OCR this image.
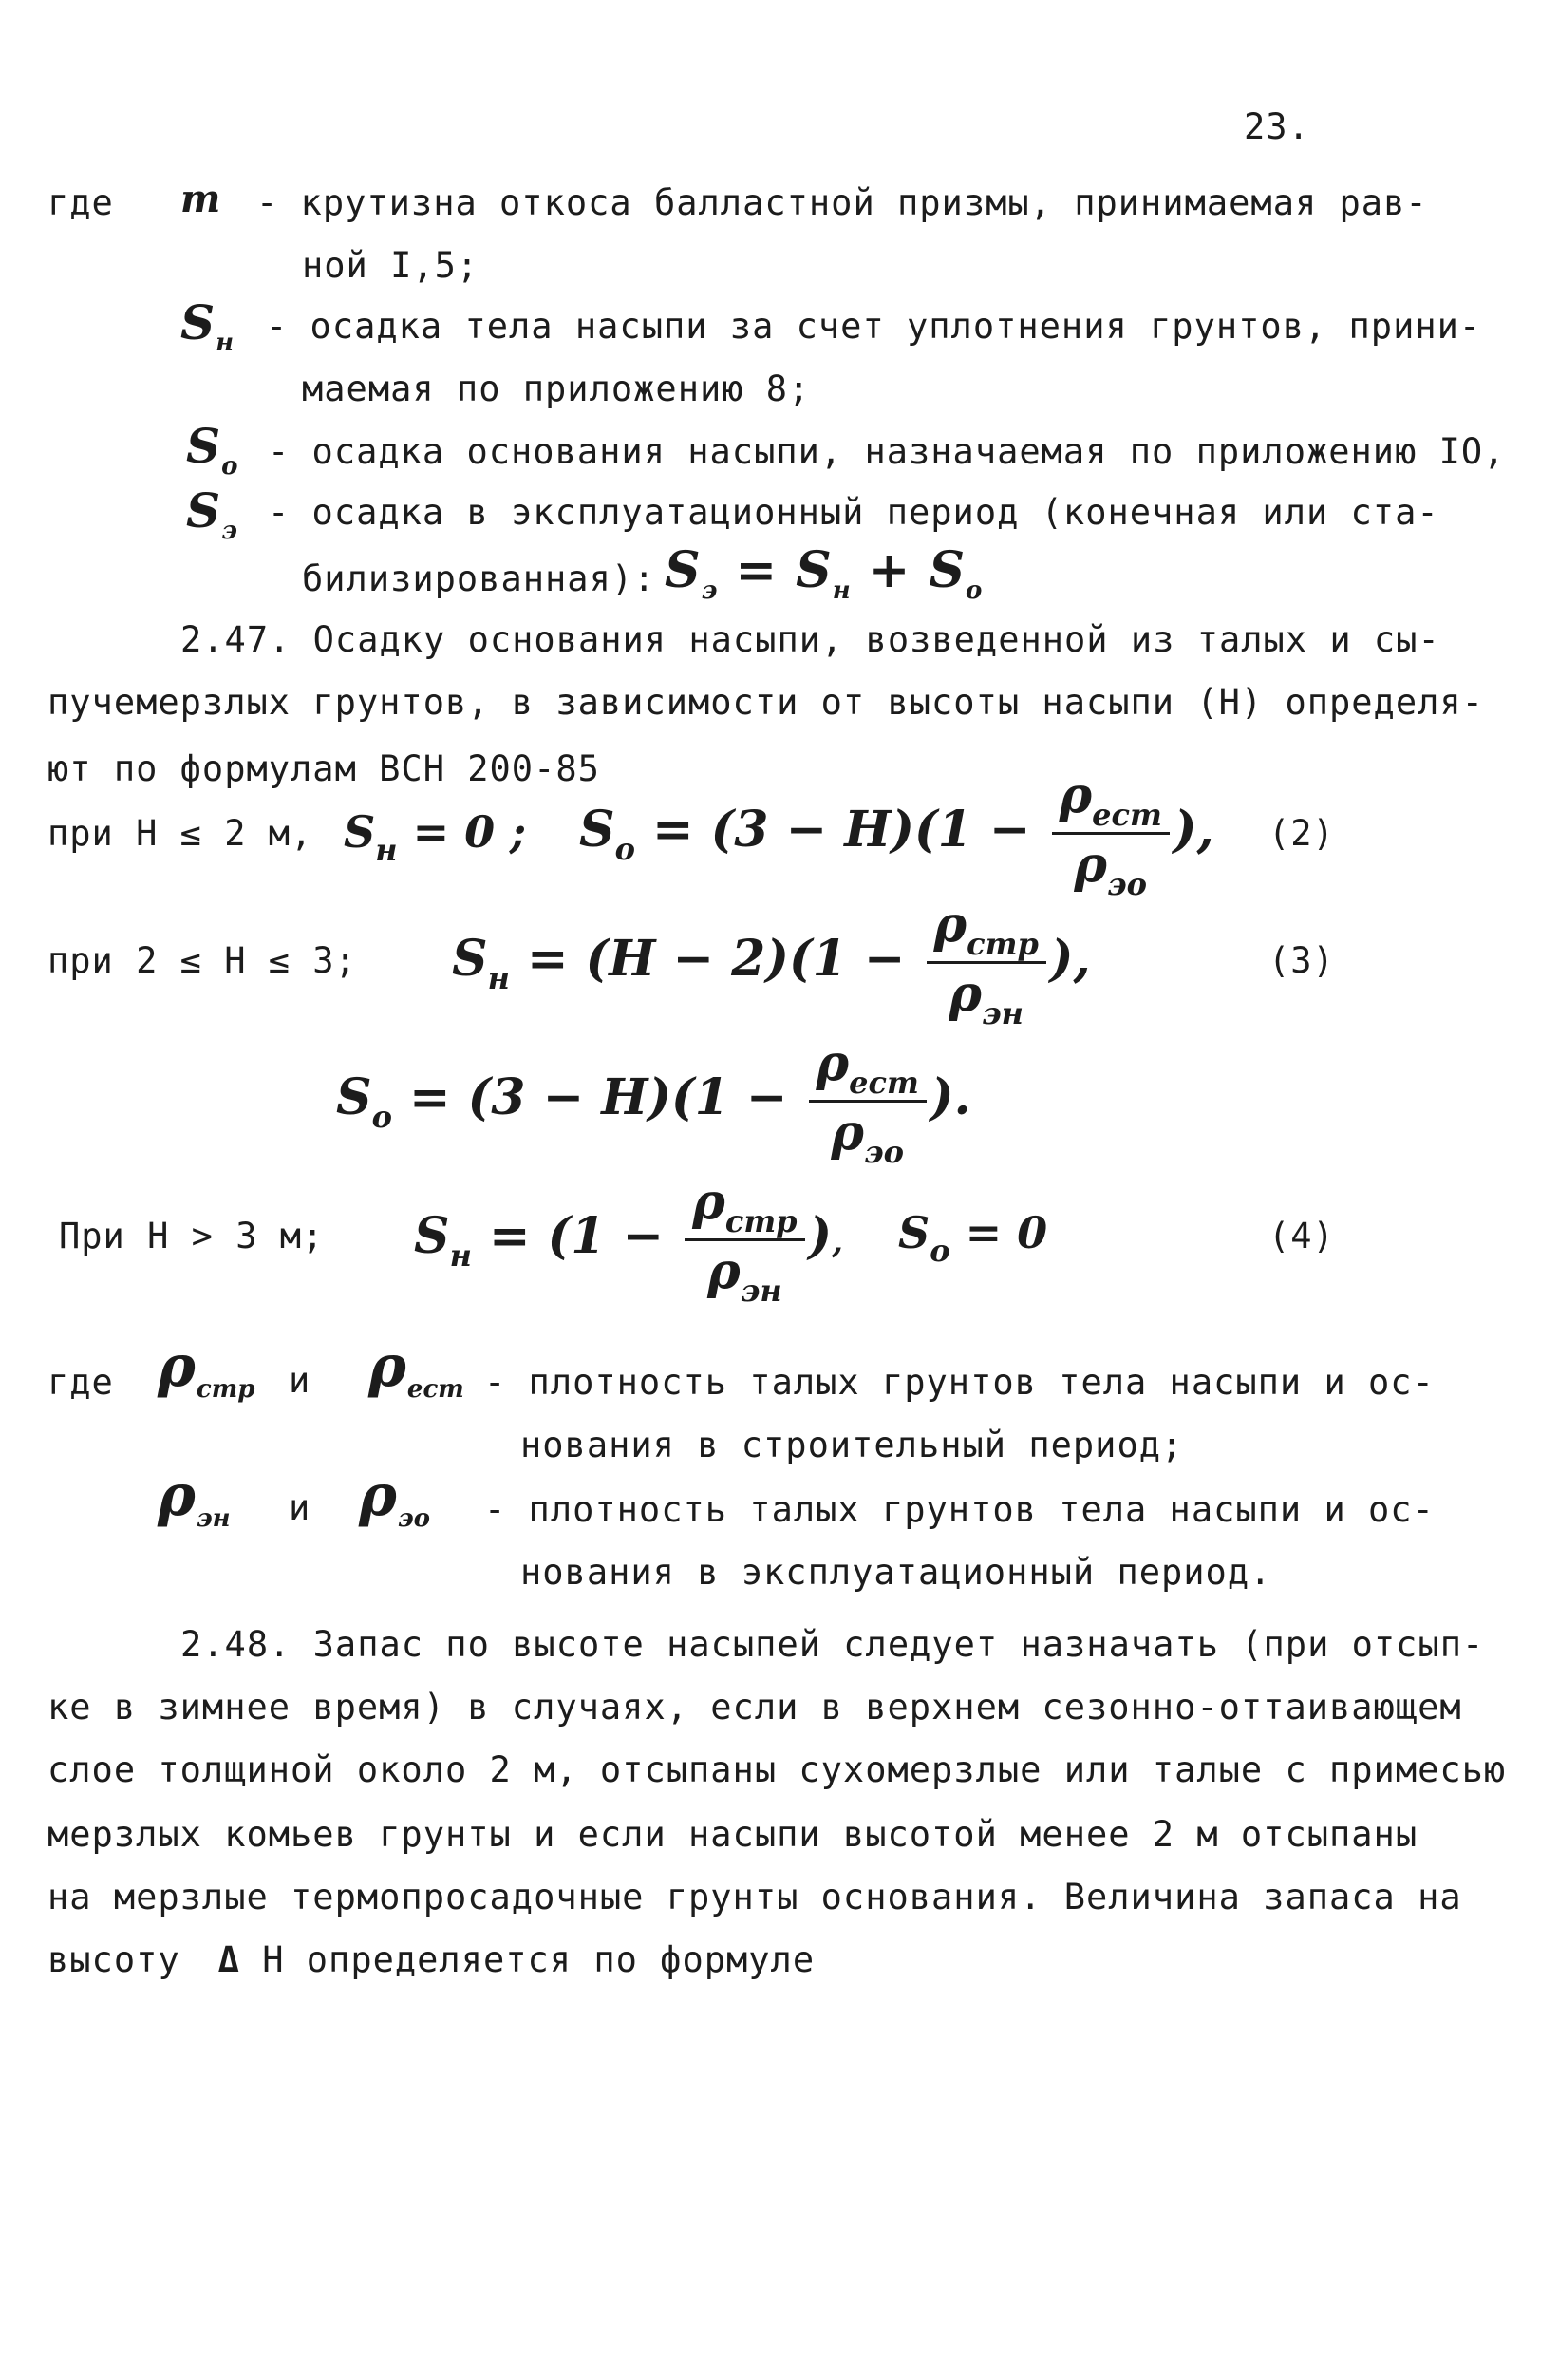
23.
где m - крутизна откоса балластной призмы, принимаемая рав-
ной I,5;
$S_н$ - осадка тела насыпи за счет уплотнения грунтов, прини-
маемая по приложению 8;
$S_о$ - осадка основания насыпи, назначаемая по приложению IO,
$S_э$ - осадка в эксплуатационный период (конечная или ста-
билизированная): $S_э = S_н + S_о$
2.47. Осадку основания насыпи, возведенной из талых и сы-
пучемерзлых грунтов, в зависимости от высоты насыпи (Н) определя-
ют по формулам ВСН 200-85
при Н ≤ 2 м, $S_н = 0$ ; $S_о = (3 - H)(1 - \frac{\rho_{еcт}}{\rho_{эо}}$ ), (2)
при 2 ≤ Н ≤ 3; $S_н = (H - 2)(1 - \frac{\rho_{cтр}}{\rho_{эн}}$ ),	(3)
$S_о = (3 - H)(1 - \frac{\rho_{еcт}}{\rho_{эо}}$ ).
При Н > 3 м; $S_н = (1 - \frac{\rho_{cтр}}{\rho_{эн}}$ ), $S_о = 0$	(4)
где $\rho_{cтр}$ и $\rho_{еcт}$ - плотность талых грунтов тела насыпи и ос-
нования в строительный период;
$\rho_{эн}$ и $\rho_{эо}$ - плотность талых грунтов тела насыпи и ос-
нования в эксплуатационный период.
2.48. Запас по высоте насыпей следует назначать (при отсып-
ке в зимнее время) в случаях, если в верхнем сезонно-оттаивающем
слое толщиной около 2 м, отсыпаны сухомерзлые или талые с примесью
мерзлых комьев грунты и если насыпи высотой менее 2 м отсыпаны
на мерзлые термопросадочные грунты основания. Величина запаса на
высоту Δ Н определяется по формуле
